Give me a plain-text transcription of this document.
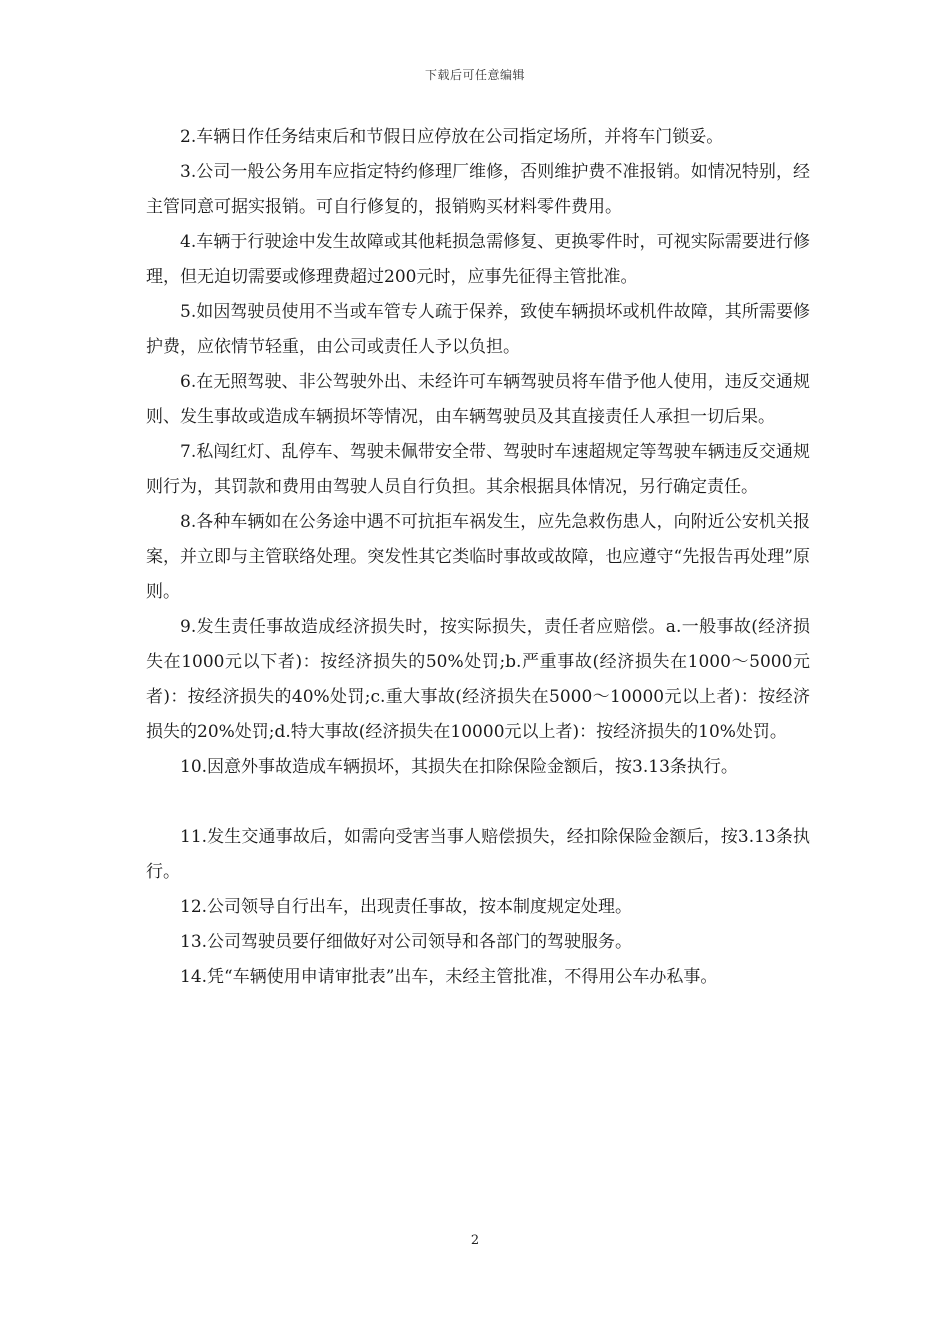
下载后可任意编辑

2.车辆日作任务结束后和节假日应停放在公司指定场所，并将车门锁妥。

3.公司一般公务用车应指定特约修理厂维修，否则维护费不准报销。如情况特别，经主管同意可据实报销。可自行修复的，报销购买材料零件费用。

4.车辆于行驶途中发生故障或其他耗损急需修复、更换零件时，可视实际需要进行修理，但无迫切需要或修理费超过200元时，应事先征得主管批准。

5.如因驾驶员使用不当或车管专人疏于保养，致使车辆损坏或机件故障，其所需要修护费，应依情节轻重，由公司或责任人予以负担。

6.在无照驾驶、非公驾驶外出、未经许可车辆驾驶员将车借予他人使用，违反交通规则、发生事故或造成车辆损坏等情况，由车辆驾驶员及其直接责任人承担一切后果。

7.私闯红灯、乱停车、驾驶未佩带安全带、驾驶时车速超规定等驾驶车辆违反交通规则行为，其罚款和费用由驾驶人员自行负担。其余根据具体情况，另行确定责任。

8.各种车辆如在公务途中遇不可抗拒车祸发生，应先急救伤患人，向附近公安机关报案，并立即与主管联络处理。突发性其它类临时事故或故障，也应遵守“先报告再处理”原则。

9.发生责任事故造成经济损失时，按实际损失，责任者应赔偿。a.一般事故(经济损失在1000元以下者)：按经济损失的50%处罚;b.严重事故(经济损失在1000～5000元者)：按经济损失的40%处罚;c.重大事故(经济损失在5000～10000元以上者)：按经济损失的20%处罚;d.特大事故(经济损失在10000元以上者)：按经济损失的10%处罚。

10.因意外事故造成车辆损坏，其损失在扣除保险金额后，按3.13条执行。

11.发生交通事故后，如需向受害当事人赔偿损失，经扣除保险金额后，按3.13条执行。

12.公司领导自行出车，出现责任事故，按本制度规定处理。

13.公司驾驶员要仔细做好对公司领导和各部门的驾驶服务。

14.凭“车辆使用申请审批表”出车，未经主管批准，不得用公车办私事。

2
